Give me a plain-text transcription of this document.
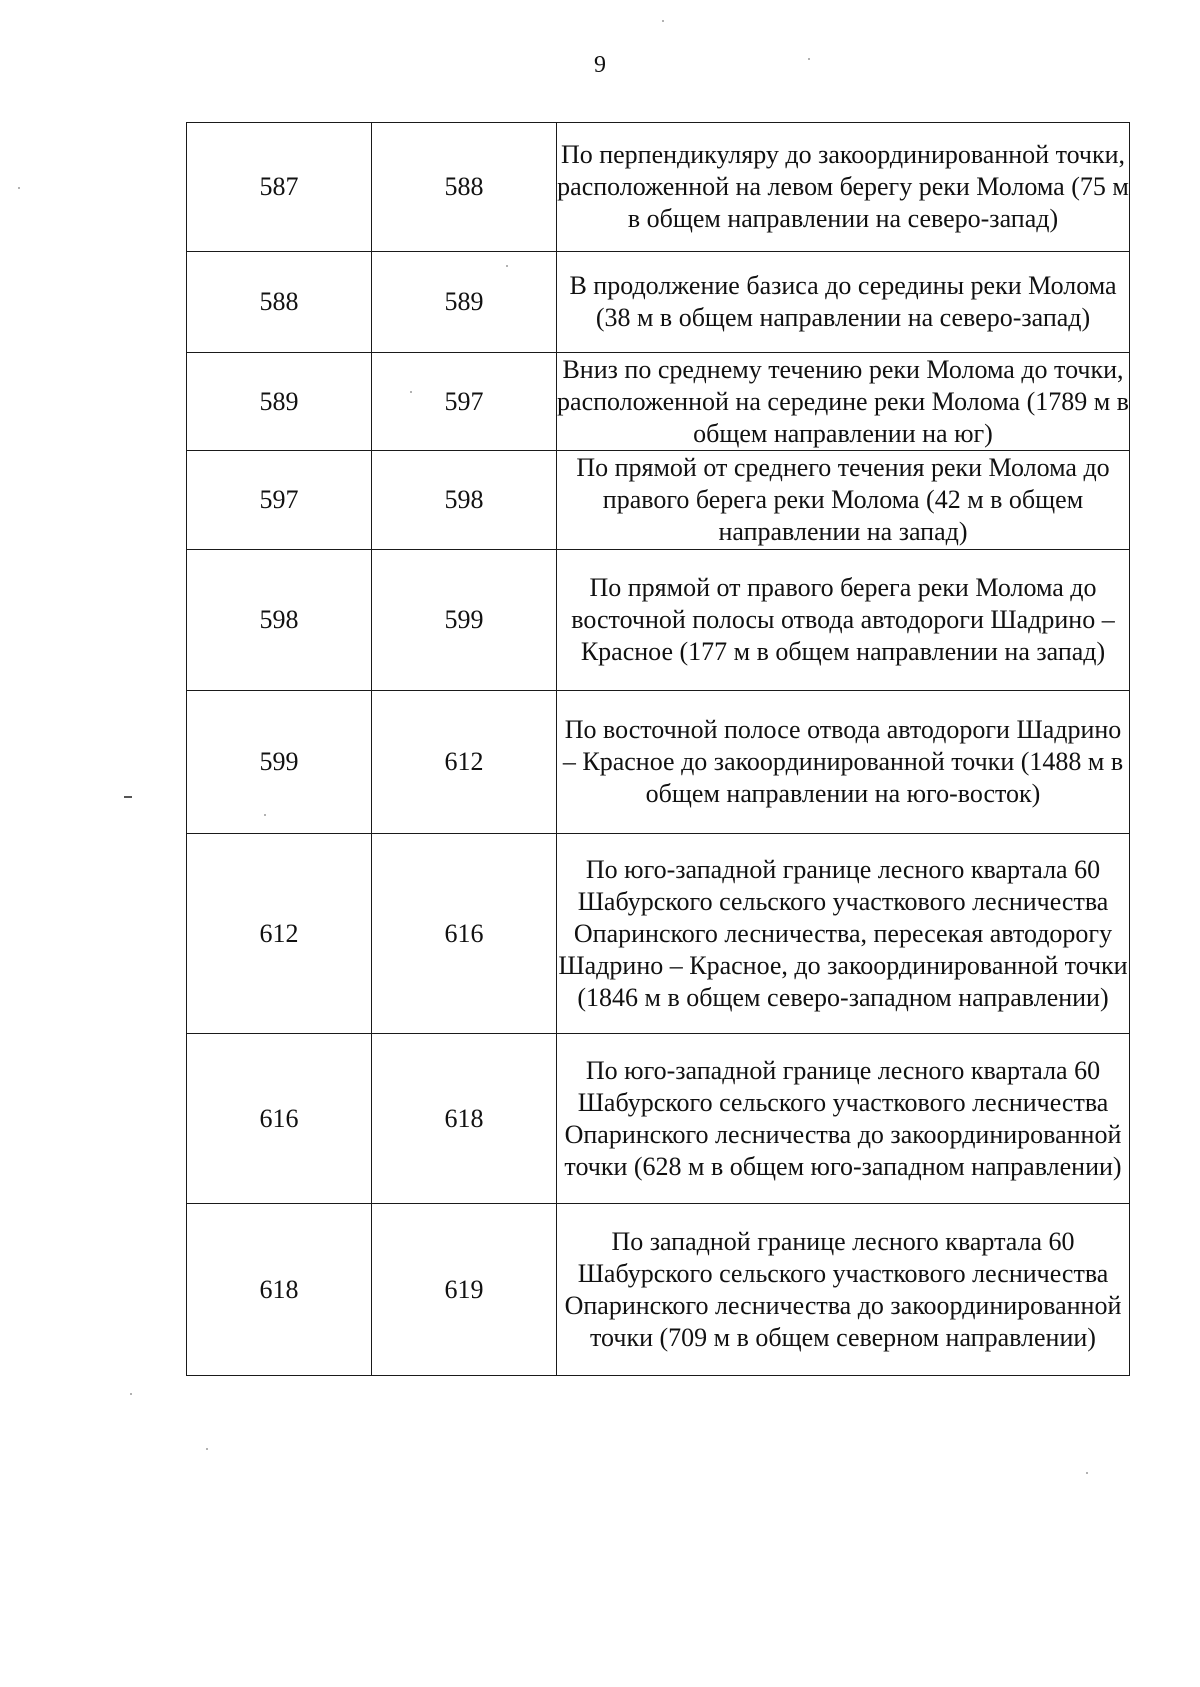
9
587	588	По перпендикуляру до закоординированной точки, расположенной на левом берегу реки Молома (75 м в общем направлении на северо-запад)
588	589	В продолжение базиса до середины реки Молома (38 м в общем направлении на северо-запад)
589	597	Вниз по среднему течению реки Молома до точки, расположенной на середине реки Молома (1789 м в общем направлении на юг)
597	598	По прямой от среднего течения реки Молома до правого берега реки Молома (42 м в общем направлении на запад)
598	599	По прямой от правого берега реки Молома до восточной полосы отвода автодороги Шадрино – Красное (177 м в общем направлении на запад)
599	612	По восточной полосе отвода автодороги Шадрино – Красное до закоординированной точки (1488 м в общем направлении на юго-восток)
612	616	По юго-западной границе лесного квартала 60 Шабурского сельского участкового лесничества Опаринского лесничества, пересекая автодорогу Шадрино – Красное, до закоординированной точки (1846 м в общем северо-западном направлении)
616	618	По юго-западной границе лесного квартала 60 Шабурского сельского участкового лесничества Опаринского лесничества до закоординированной точки (628 м в общем юго-западном направлении)
618	619	По западной границе лесного квартала 60 Шабурского сельского участкового лесничества Опаринского лесничества до закоординированной точки (709 м в общем северном направлении)
